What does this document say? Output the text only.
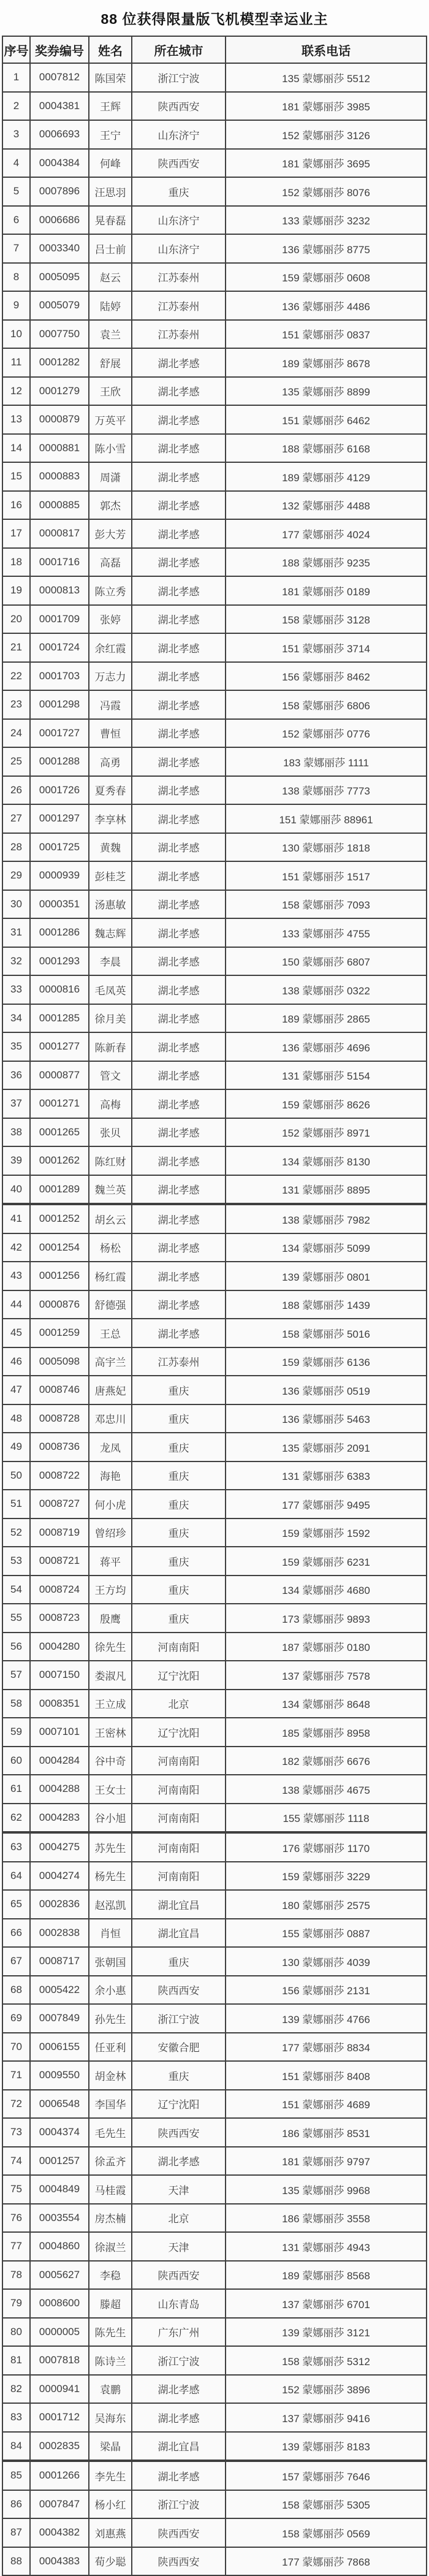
88 位获得限量版飞机模型幸运业主
序号	奖券编号	姓名	所在城市	联系电话
1	0007812	陈国荣	浙江宁波	135 蒙娜丽莎 5512
2	0004381	王辉	陕西西安	181 蒙娜丽莎 3985
3	0006693	王宁	山东济宁	152 蒙娜丽莎 3126
4	0004384	何峰	陕西西安	181 蒙娜丽莎 3695
5	0007896	汪思羽	重庆	152 蒙娜丽莎 8076
6	0006686	晃春磊	山东济宁	133 蒙娜丽莎 3232
7	0003340	吕士前	山东济宁	136 蒙娜丽莎 8775
8	0005095	赵云	江苏泰州	159 蒙娜丽莎 0608
9	0005079	陆婷	江苏泰州	136 蒙娜丽莎 4486
10	0007750	袁兰	江苏泰州	151 蒙娜丽莎 0837
11	0001282	舒展	湖北孝感	189 蒙娜丽莎 8678
12	0001279	王欣	湖北孝感	135 蒙娜丽莎 8899
13	0000879	万英平	湖北孝感	151 蒙娜丽莎 6462
14	0000881	陈小雪	湖北孝感	188 蒙娜丽莎 6168
15	0000883	周潇	湖北孝感	189 蒙娜丽莎 4129
16	0000885	郭杰	湖北孝感	132 蒙娜丽莎 4488
17	0000817	彭大芳	湖北孝感	177 蒙娜丽莎 4024
18	0001716	高磊	湖北孝感	188 蒙娜丽莎 9235
19	0000813	陈立秀	湖北孝感	181 蒙娜丽莎 0189
20	0001709	张婷	湖北孝感	158 蒙娜丽莎 3128
21	0001724	余红霞	湖北孝感	151 蒙娜丽莎 3714
22	0001703	万志力	湖北孝感	156 蒙娜丽莎 8462
23	0001298	冯霞	湖北孝感	158 蒙娜丽莎 6806
24	0001727	曹恒	湖北孝感	152 蒙娜丽莎 0776
25	0001288	高勇	湖北孝感	183 蒙娜丽莎 1111
26	0001726	夏秀春	湖北孝感	138 蒙娜丽莎 7773
27	0001297	李享林	湖北孝感	151 蒙娜丽莎 88961
28	0001725	黄魏	湖北孝感	130 蒙娜丽莎 1818
29	0000939	彭桂芝	湖北孝感	151 蒙娜丽莎 1517
30	0000351	汤惠敏	湖北孝感	158 蒙娜丽莎 7093
31	0001286	魏志辉	湖北孝感	133 蒙娜丽莎 4755
32	0001293	李晨	湖北孝感	150 蒙娜丽莎 6807
33	0000816	毛凤英	湖北孝感	138 蒙娜丽莎 0322
34	0001285	徐月美	湖北孝感	189 蒙娜丽莎 2865
35	0001277	陈新春	湖北孝感	136 蒙娜丽莎 4696
36	0000877	管文	湖北孝感	131 蒙娜丽莎 5154
37	0001271	高梅	湖北孝感	159 蒙娜丽莎 8626
38	0001265	张贝	湖北孝感	152 蒙娜丽莎 8971
39	0001262	陈红财	湖北孝感	134 蒙娜丽莎 8130
40	0001289	魏兰英	湖北孝感	131 蒙娜丽莎 8895
41	0001252	胡幺云	湖北孝感	138 蒙娜丽莎 7982
42	0001254	杨松	湖北孝感	134 蒙娜丽莎 5099
43	0001256	杨红霞	湖北孝感	139 蒙娜丽莎 0801
44	0000876	舒德强	湖北孝感	188 蒙娜丽莎 1439
45	0001259	王总	湖北孝感	158 蒙娜丽莎 5016
46	0005098	高宇兰	江苏泰州	159 蒙娜丽莎 6136
47	0008746	唐燕妃	重庆	136 蒙娜丽莎 0519
48	0008728	邓忠川	重庆	136 蒙娜丽莎 5463
49	0008736	龙凤	重庆	135 蒙娜丽莎 2091
50	0008722	海艳	重庆	131 蒙娜丽莎 6383
51	0008727	何小虎	重庆	177 蒙娜丽莎 9495
52	0008719	曾绍珍	重庆	159 蒙娜丽莎 1592
53	0008721	蒋平	重庆	159 蒙娜丽莎 6231
54	0008724	王方均	重庆	134 蒙娜丽莎 4680
55	0008723	殷鹰	重庆	173 蒙娜丽莎 9893
56	0004280	徐先生	河南南阳	187 蒙娜丽莎 0180
57	0007150	娄淑凡	辽宁沈阳	137 蒙娜丽莎 7578
58	0008351	王立成	北京	134 蒙娜丽莎 8648
59	0007101	王密林	辽宁沈阳	185 蒙娜丽莎 8958
60	0004284	谷中奇	河南南阳	182 蒙娜丽莎 6676
61	0004288	王女士	河南南阳	138 蒙娜丽莎 4675
62	0004283	谷小旭	河南南阳	155 蒙娜丽莎 1118
63	0004275	苏先生	河南南阳	176 蒙娜丽莎 1170
64	0004274	杨先生	河南南阳	159 蒙娜丽莎 3229
65	0002836	赵泓凯	湖北宜昌	180 蒙娜丽莎 2575
66	0002838	肖恒	湖北宜昌	155 蒙娜丽莎 0887
67	0008717	张朝国	重庆	130 蒙娜丽莎 4039
68	0005422	余小惠	陕西西安	156 蒙娜丽莎 2131
69	0007849	孙先生	浙江宁波	139 蒙娜丽莎 4766
70	0006155	任亚利	安徽合肥	177 蒙娜丽莎 8834
71	0009550	胡金林	重庆	151 蒙娜丽莎 8408
72	0006548	李国华	辽宁沈阳	151 蒙娜丽莎 4689
73	0004374	毛先生	陕西西安	186 蒙娜丽莎 8531
74	0001257	徐孟齐	湖北孝感	181 蒙娜丽莎 9797
75	0004849	马桂霞	天津	135 蒙娜丽莎 9968
76	0003554	房杰楠	北京	186 蒙娜丽莎 3558
77	0004860	徐淑兰	天津	131 蒙娜丽莎 4943
78	0005627	李稳	陕西西安	189 蒙娜丽莎 8568
79	0008600	滕超	山东青岛	137 蒙娜丽莎 6701
80	0000005	陈先生	广东广州	139 蒙娜丽莎 3121
81	0007818	陈诗兰	浙江宁波	158 蒙娜丽莎 5312
82	0000941	袁鹏	湖北孝感	152 蒙娜丽莎 3896
83	0001712	吴海东	湖北孝感	137 蒙娜丽莎 9416
84	0002835	梁晶	湖北宜昌	139 蒙娜丽莎 8183
85	0001266	李先生	湖北孝感	157 蒙娜丽莎 7646
86	0007847	杨小红	浙江宁波	158 蒙娜丽莎 5305
87	0004382	刘惠燕	陕西西安	158 蒙娜丽莎 0569
88	0004383	荀少聪	陕西西安	177 蒙娜丽莎 7868
